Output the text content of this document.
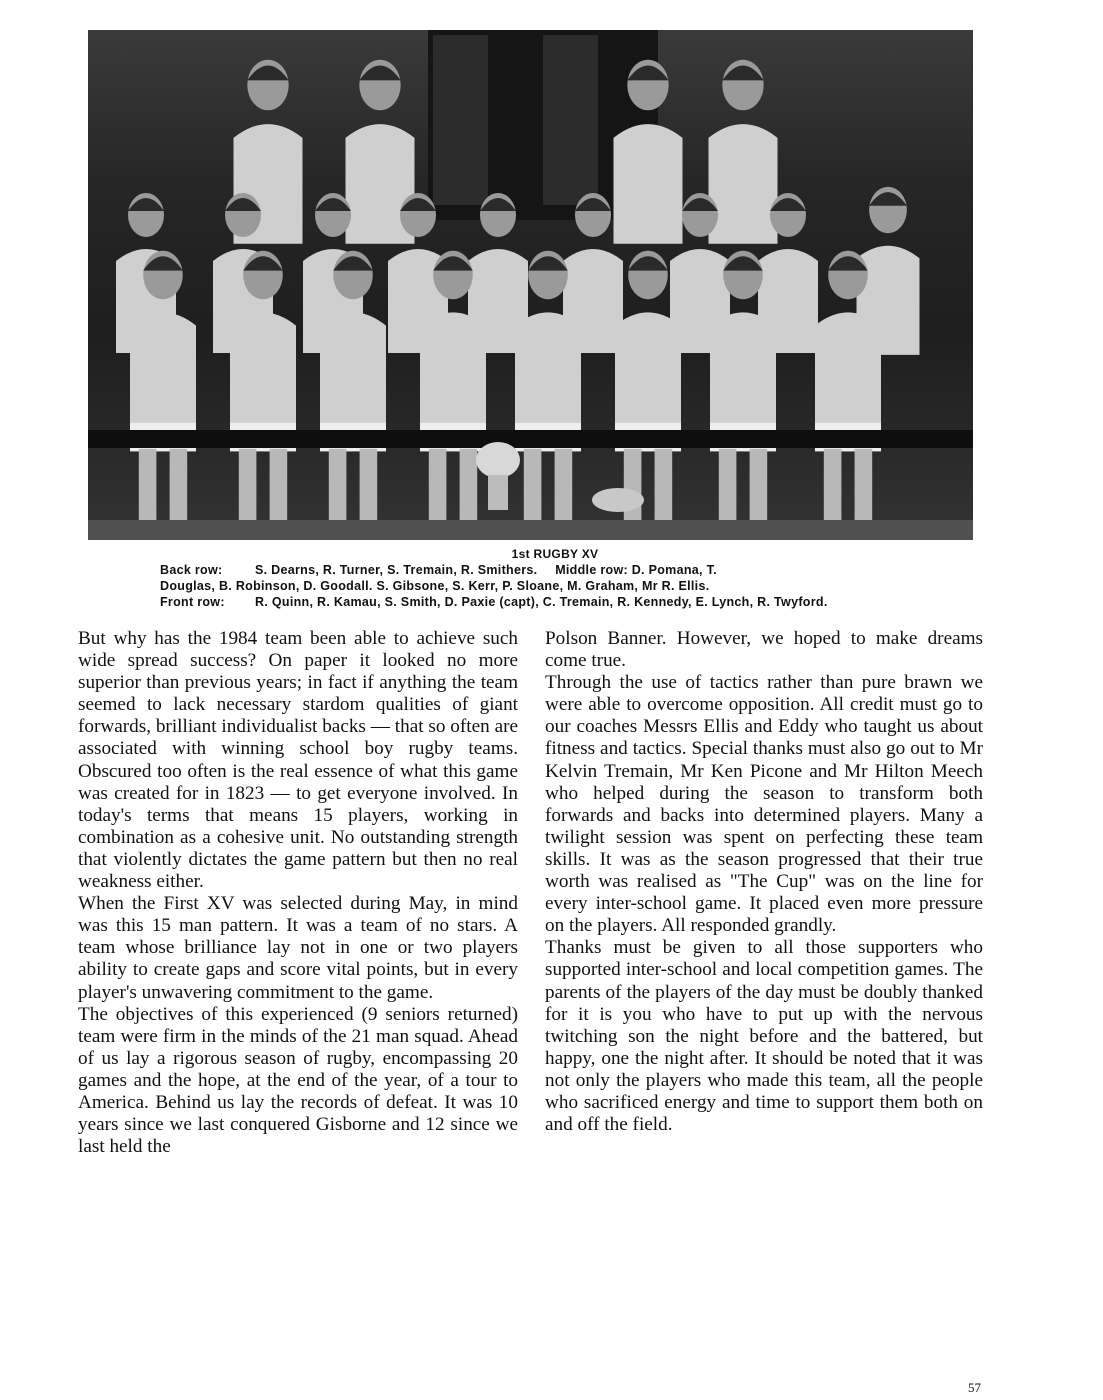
1st RUGBY XV
Back row:	S. Dearns, R. Turner, S. Tremain, R. Smithers. Middle row: D. Pomana, T.
Douglas, B. Robinson, D. Goodall. S. Gibsone, S. Kerr, P. Sloane, M. Graham, Mr R. Ellis.
Front row: R. Quinn, R. Kamau, S. Smith, D. Paxie (capt), C. Tremain, R. Kennedy, E. Lynch, R. Twyford.

But why has the 1984 team been able to achieve such wide spread success? On paper it looked no more superior than previous years; in fact if anything the team seemed to lack necessary stardom qualities of giant forwards, brilliant individualist backs — that so often are associated with winning school boy rugby teams. Obscured too often is the real essence of what this game was created for in 1823 — to get everyone involved. In today's terms that means 15 players, working in combination as a cohesive unit. No outstanding strength that violently dictates the game pattern but then no real weakness either.

When the First XV was selected during May, in mind was this 15 man pattern. It was a team of no stars. A team whose brilliance lay not in one or two players ability to create gaps and score vital points, but in every player's unwavering commitment to the game.

The objectives of this experienced (9 seniors returned) team were firm in the minds of the 21 man squad. Ahead of us lay a rigorous season of rugby, encompassing 20 games and the hope, at the end of the year, of a tour to America. Behind us lay the records of defeat. It was 10 years since we last conquered Gisborne and 12 since we last held the

Polson Banner. However, we hoped to make dreams come true.

Through the use of tactics rather than pure brawn we were able to overcome opposition. All credit must go to our coaches Messrs Ellis and Eddy who taught us about fitness and tactics. Special thanks must also go out to Mr Kelvin Tremain, Mr Ken Picone and Mr Hilton Meech who helped during the season to transform both forwards and backs into determined players. Many a twilight session was spent on perfecting these team skills. It was as the season progressed that their true worth was realised as "The Cup" was on the line for every inter-school game. It placed even more pressure on the players. All responded grandly.

Thanks must be given to all those supporters who supported inter-school and local competition games. The parents of the players of the day must be doubly thanked for it is you who have to put up with the nervous twitching son the night before and the battered, but happy, one the night after. It should be noted that it was not only the players who made this team, all the people who sacrificed energy and time to support them both on and off the field.

57
